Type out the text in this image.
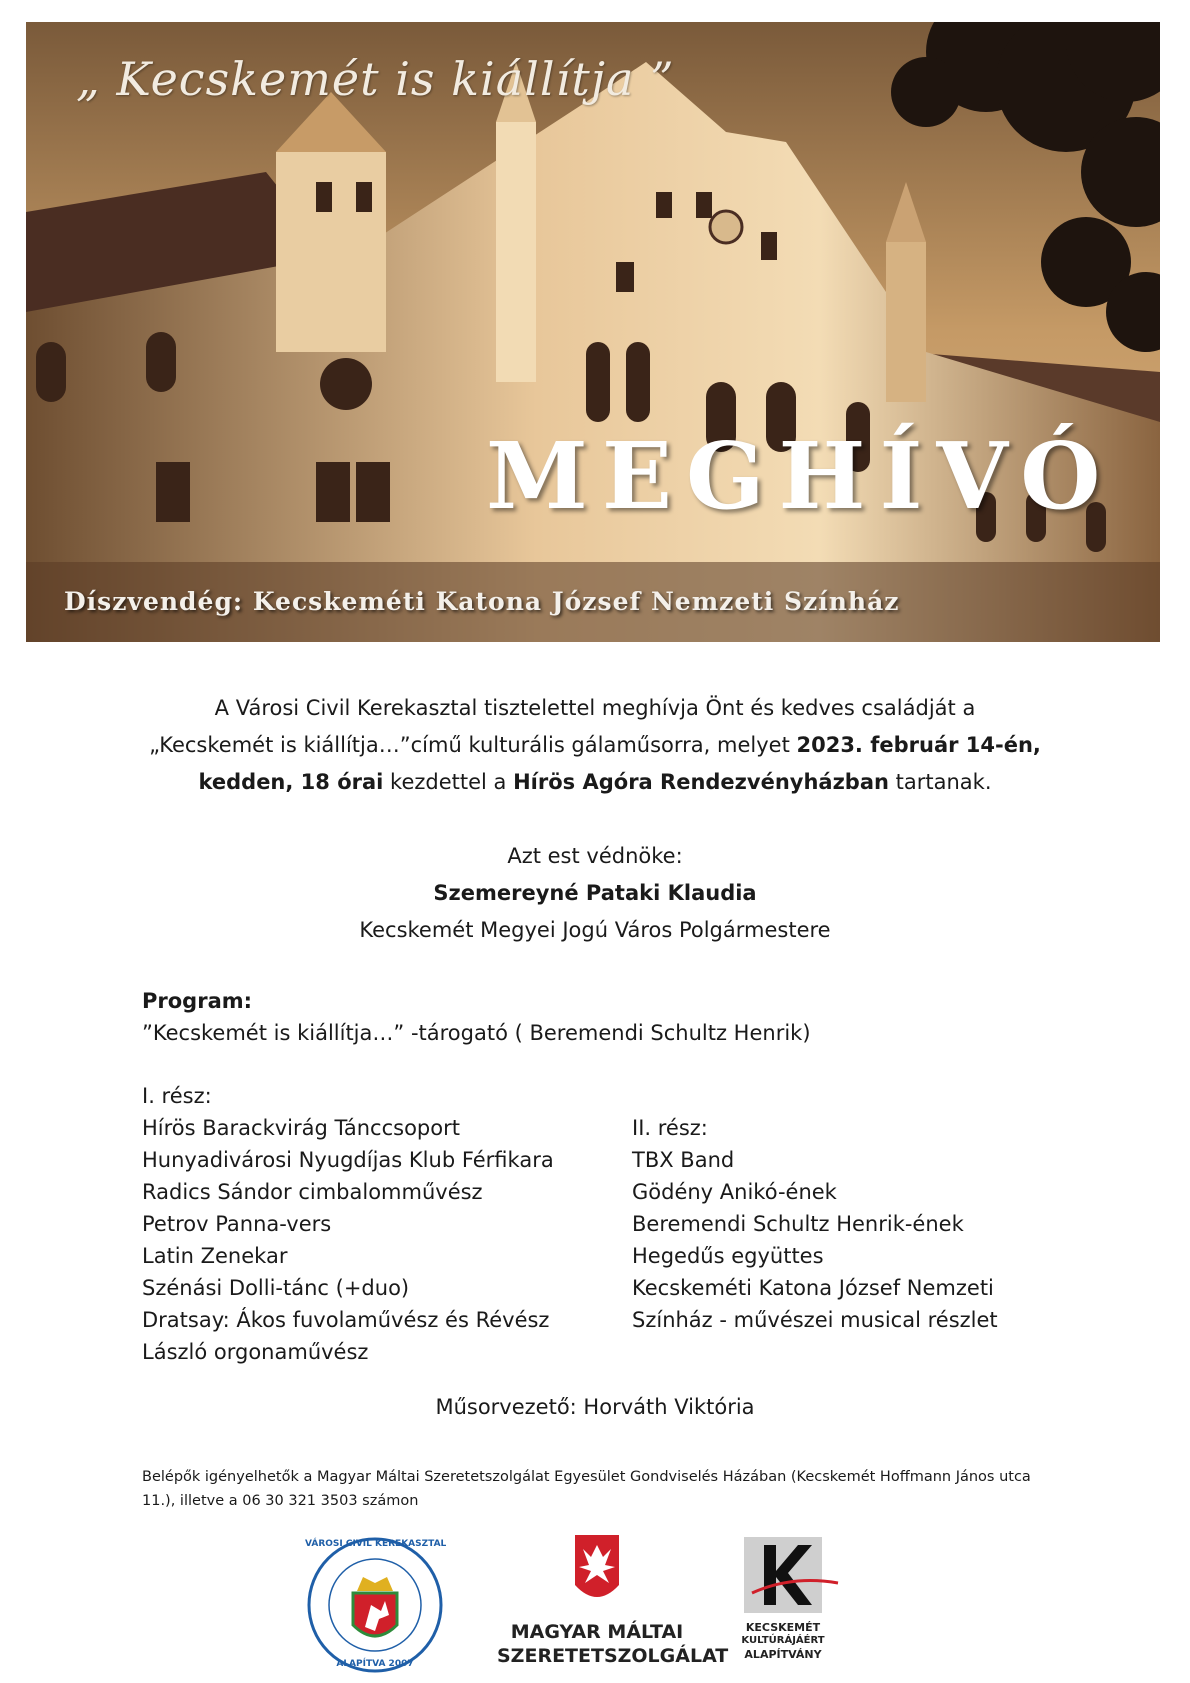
„ Kecskemét is kiállítja ”
MEGHÍVÓ
Díszvendég: Kecskeméti Katona József Nemzeti Színház
A Városi Civil Kerekasztal tisztelettel meghívja Önt és kedves családját a
„Kecskemét is kiállítja…”című kulturális gálaműsorra, melyet 2023. február 14-én,
kedden, 18 órai kezdettel a Hírös Agóra Rendezvényházban tartanak.
Azt est védnöke:
Szemereyné Pataki Klaudia
Kecskemét Megyei Jogú Város Polgármestere
Program:
”Kecskemét is kiállítja…” -tárogató ( Beremendi Schultz Henrik)
I. rész:
Hírös Barackvirág Tánccsoport
Hunyadivárosi Nyugdíjas Klub Férfikara
Radics Sándor cimbalomművész
Petrov Panna-vers
Latin Zenekar
Szénási Dolli-tánc (+duo)
Dratsay: Ákos fuvolaművész és Révész
László orgonaművész
II. rész:
TBX Band
Gödény Anikó-ének
Beremendi Schultz Henrik-ének
Hegedűs együttes
Kecskeméti Katona József Nemzeti
Színház - művészei musical részlet
Műsorvezető: Horváth Viktória
Belépők igényelhetők a Magyar Máltai Szeretetszolgálat Egyesület Gondviselés Házában (Kecskemét Hoffmann János utca 11.), illetve a 06 30 321 3503 számon
VÁROSI CIVIL KEREKASZTAL
ALAPÍTVA 2007
MAGYAR MÁLTAI
SZERETETSZOLGÁLAT
KECSKEMÉT
KULTÚRÁJÁÉRT
ALAPÍTVÁNY
